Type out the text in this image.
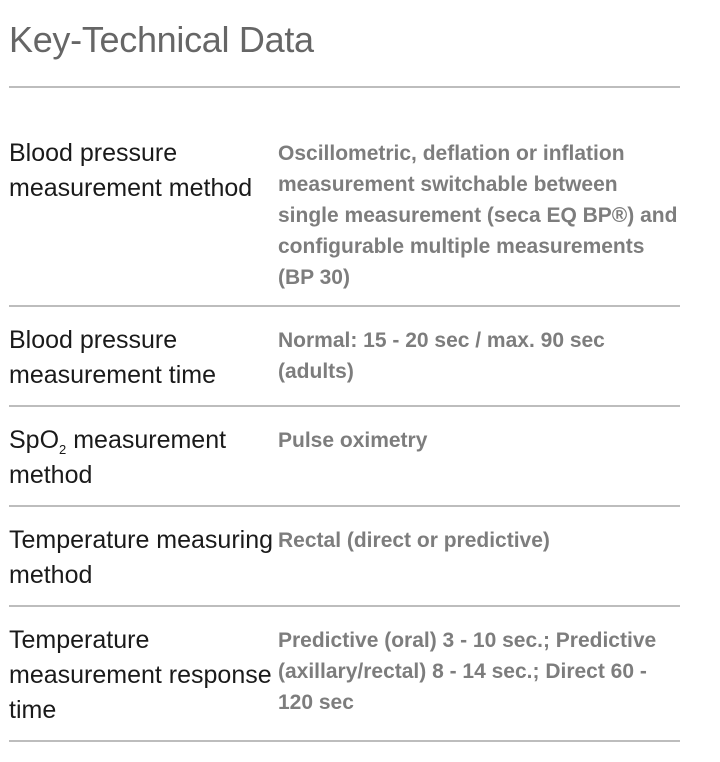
Key-Technical Data
Blood pressure measurement method
Oscillometric, deflation or inflation measurement switchable between single measurement (seca EQ BP®) and configurable multiple measurements (BP 30)
Blood pressure measurement time
Normal: 15 - 20 sec / max. 90 sec (adults)
SpO$_2$ measurement method
Pulse oximetry
Temperature measuring method
Rectal (direct or predictive)
Temperature measurement response time
Predictive (oral) 3 - 10 sec.; Predictive (axillary/rectal) 8 - 14 sec.; Direct 60 - 120 sec
